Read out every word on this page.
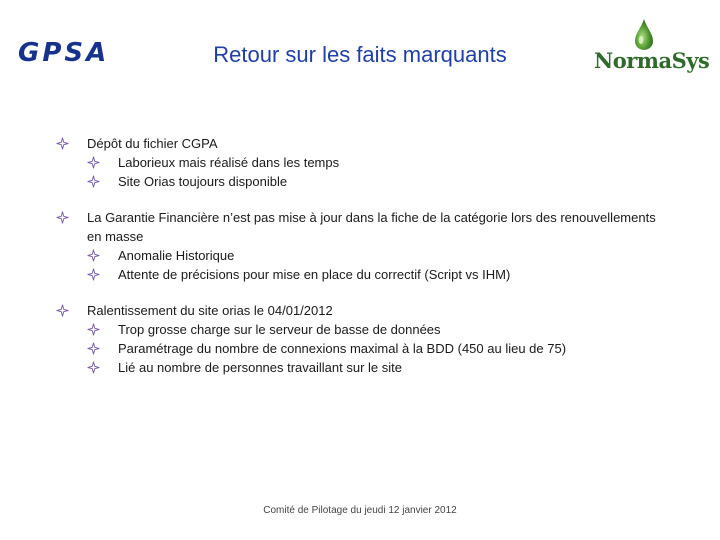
GPSA	Retour sur les faits marquants	NormaSys
Dépôt du fichier CGPA
Laborieux mais réalisé dans les temps
Site Orias toujours disponible
La Garantie Financière n’est pas mise à jour dans la fiche de la catégorie lors des renouvellements en masse
Anomalie Historique
Attente de précisions pour mise en place du correctif (Script vs IHM)
Ralentissement du site orias le 04/01/2012
Trop grosse charge sur le serveur de basse de données
Paramétrage du nombre de connexions maximal à la BDD (450 au lieu de 75)
Lié au nombre de personnes travaillant sur le site
Comité de Pilotage du jeudi 12 janvier 2012
